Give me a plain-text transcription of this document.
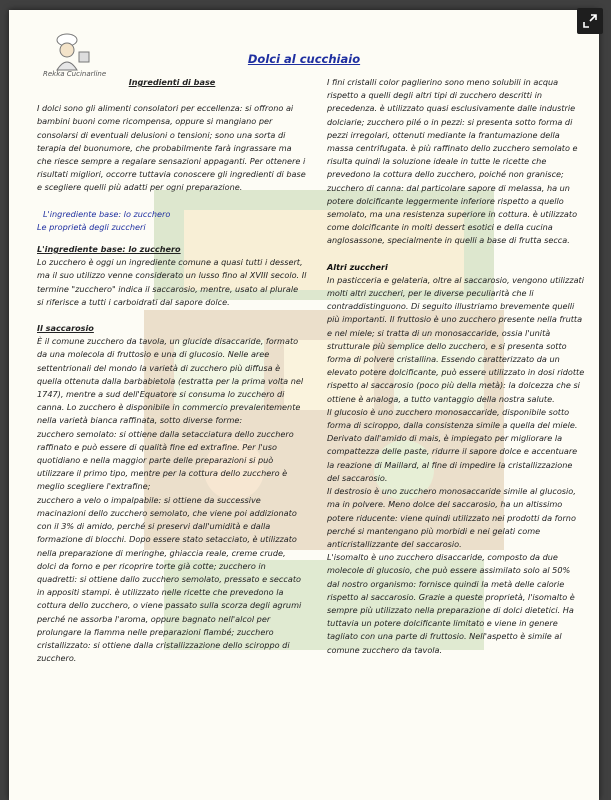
Rekka Cucinarline
Dolci al cucchiaio

Ingredienti di base

I dolci sono gli alimenti consolatori per eccellenza: si offrono ai bambini buoni come ricompensa, oppure si mangiano per consolarsi di eventuali delusioni o tensioni; sono una sorta di terapia del buonumore, che probabilmente farà ingrassare ma che riesce sempre a regalare sensazioni appaganti. Per ottenere i risultati migliori, occorre tuttavia conoscere gli ingredienti di base e scegliere quelli più adatti per ogni preparazione.

L'ingrediente base: lo zucchero

Le proprietà degli zuccheri

L'ingrediente base: lo zucchero

Lo zucchero è oggi un ingrediente comune a quasi tutti i dessert, ma il suo utilizzo venne considerato un lusso fino al XVIII secolo. Il termine "zucchero" indica il saccarosio, mentre, usato al plurale si riferisce a tutti i carboidrati dal sapore dolce.

Il saccarosio

È il comune zucchero da tavola, un glucide disaccaride, formato da una molecola di fruttosio e una di glucosio. Nelle aree settentrionali del mondo la varietà di zucchero più diffusa è quella ottenuta dalla barbabietola (estratta per la prima volta nel 1747), mentre a sud dell'Equatore si consuma lo zucchero di canna. Lo zucchero è disponibile in commercio prevalentemente nella varietà bianca raffinata, sotto diverse forme:

zucchero semolato: si ottiene dalla setacciatura dello zucchero raffinato e può essere di qualità fine ed extrafine. Per l'uso quotidiano e nella maggior parte delle preparazioni si può utilizzare il primo tipo, mentre per la cottura dello zucchero è meglio scegliere l'extrafine;

zucchero a velo o impalpabile: si ottiene da successive macinazioni dello zucchero semolato, che viene poi addizionato con il 3% di amido, perché si preservi dall'umidità e dalla formazione di blocchi. Dopo essere stato setacciato, è utilizzato nella preparazione di meringhe, ghiaccia reale, creme crude, dolci da forno e per ricoprire torte già cotte; zucchero in quadretti: si ottiene dallo zucchero semolato, pressato e seccato in appositi stampi. è utilizzato nelle ricette che prevedono la cottura dello zucchero, o viene passato sulla scorza degli agrumi perché ne assorba l'aroma, oppure bagnato nell'alcol per prolungare la fiamma nelle preparazioni flambé; zucchero cristallizzato: si ottiene dalla cristallizzazione dello sciroppo di zucchero.

I fini cristalli color paglierino sono meno solubili in acqua rispetto a quelli degli altri tipi di zucchero descritti in precedenza. è utilizzato quasi esclusivamente dalle industrie dolciarie; zucchero pilé o in pezzi: si presenta sotto forma di pezzi irregolari, ottenuti mediante la frantumazione della massa centrifugata. è più raffinato dello zucchero semolato e risulta quindi la soluzione ideale in tutte le ricette che prevedono la cottura dello zucchero, poiché non granisce; zucchero di canna: dal particolare sapore di melassa, ha un potere dolcificante leggermente inferiore rispetto a quello semolato, ma una resistenza superiore in cottura. è utilizzato come dolcificante in molti dessert esotici e della cucina anglosassone, specialmente in quelli a base di frutta secca.

Altri zuccheri

In pasticceria e gelateria, oltre al saccarosio, vengono utilizzati molti altri zuccheri, per le diverse peculiarità che li contraddistinguono. Di seguito illustriamo brevemente quelli più importanti. Il fruttosio è uno zucchero presente nella frutta e nel miele; si tratta di un monosaccaride, ossia l'unità strutturale più semplice dello zucchero, e si presenta sotto forma di polvere cristallina. Essendo caratterizzato da un elevato potere dolcificante, può essere utilizzato in dosi ridotte rispetto al saccarosio (poco più della metà): la dolcezza che si ottiene è analoga, a tutto vantaggio della nostra salute.

Il glucosio è uno zucchero monosaccaride, disponibile sotto forma di sciroppo, dalla consistenza simile a quella del miele. Derivato dall'amido di mais, è impiegato per migliorare la compattezza delle paste, ridurre il sapore dolce e accentuare la reazione di Maillard, al fine di impedire la cristallizzazione del saccarosio.

Il destrosio è uno zucchero monosaccaride simile al glucosio, ma in polvere. Meno dolce del saccarosio, ha un altissimo potere riducente: viene quindi utilizzato nei prodotti da forno perché si mantengano più morbidi e nei gelati come anticristallizzante del saccarosio.

L'isomalto è uno zucchero disaccaride, composto da due molecole di glucosio, che può essere assimilato solo al 50% dal nostro organismo: fornisce quindi la metà delle calorie rispetto al saccarosio. Grazie a queste proprietà, l'isomalto è sempre più utilizzato nella preparazione di dolci dietetici. Ha tuttavia un potere dolcificante limitato e viene in genere tagliato con una parte di fruttosio. Nell'aspetto è simile al comune zucchero da tavola.
